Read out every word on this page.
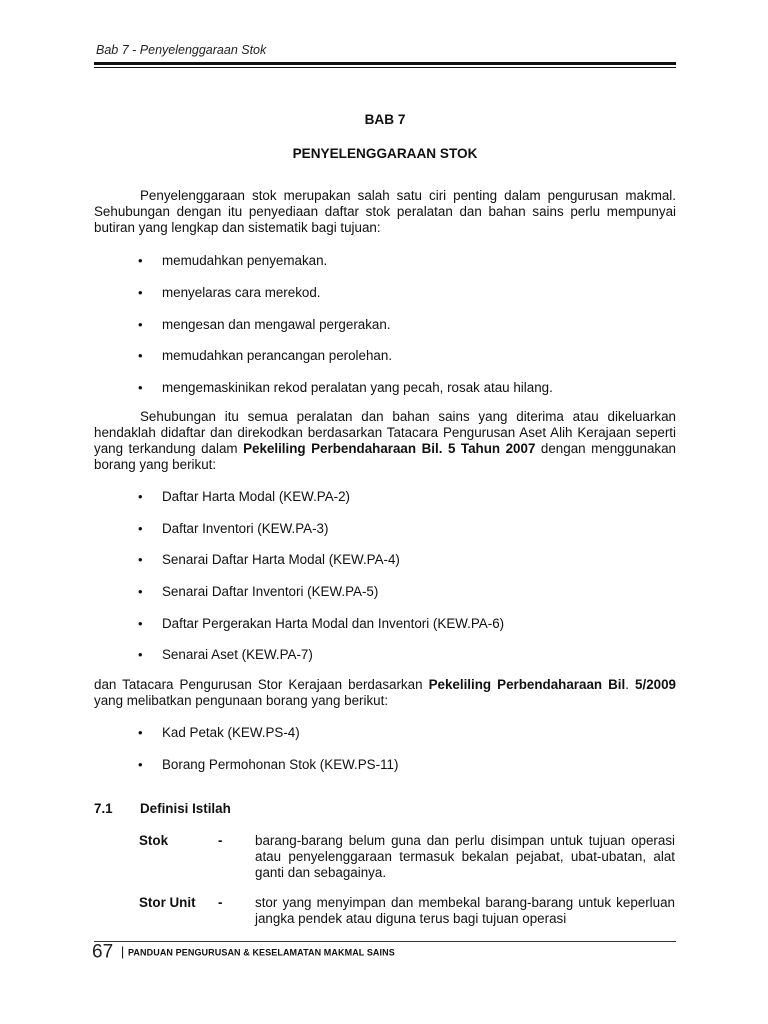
Bab 7 - Penyelenggaraan Stok
BAB 7
PENYELENGGARAAN STOK

Penyelenggaraan stok merupakan salah satu ciri penting dalam pengurusan makmal. Sehubungan dengan itu penyediaan daftar stok peralatan dan bahan sains perlu mempunyai butiran yang lengkap dan sistematik bagi tujuan:

• memudahkan penyemakan.
• menyelaras cara merekod.
• mengesan dan mengawal pergerakan.
• memudahkan perancangan perolehan.
• mengemaskinikan rekod peralatan yang pecah, rosak atau hilang.

Sehubungan itu semua peralatan dan bahan sains yang diterima atau dikeluarkan hendaklah didaftar dan direkodkan berdasarkan Tatacara Pengurusan Aset Alih Kerajaan seperti yang terkandung dalam Pekeliling Perbendaharaan Bil. 5 Tahun 2007 dengan menggunakan borang yang berikut:

• Daftar Harta Modal (KEW.PA-2)
• Daftar Inventori (KEW.PA-3)
• Senarai Daftar Harta Modal (KEW.PA-4)
• Senarai Daftar Inventori (KEW.PA-5)
• Daftar Pergerakan Harta Modal dan Inventori (KEW.PA-6)
• Senarai Aset (KEW.PA-7)

dan Tatacara Pengurusan Stor Kerajaan berdasarkan Pekeliling Perbendaharaan Bil. 5/2009 yang melibatkan pengunaan borang yang berikut:

• Kad Petak (KEW.PS-4)
• Borang Permohonan Stok (KEW.PS-11)
7.1 Definisi Istilah
Stok	- barang-barang belum guna dan perlu disimpan untuk tujuan operasi atau penyelenggaraan termasuk bekalan pejabat, ubat-ubatan, alat ganti dan sebagainya.
Stor Unit - stor yang menyimpan dan membekal barang-barang untuk keperluan jangka pendek atau diguna terus bagi tujuan operasi
67 | PANDUAN PENGURUSAN & KESELAMATAN MAKMAL SAINS
